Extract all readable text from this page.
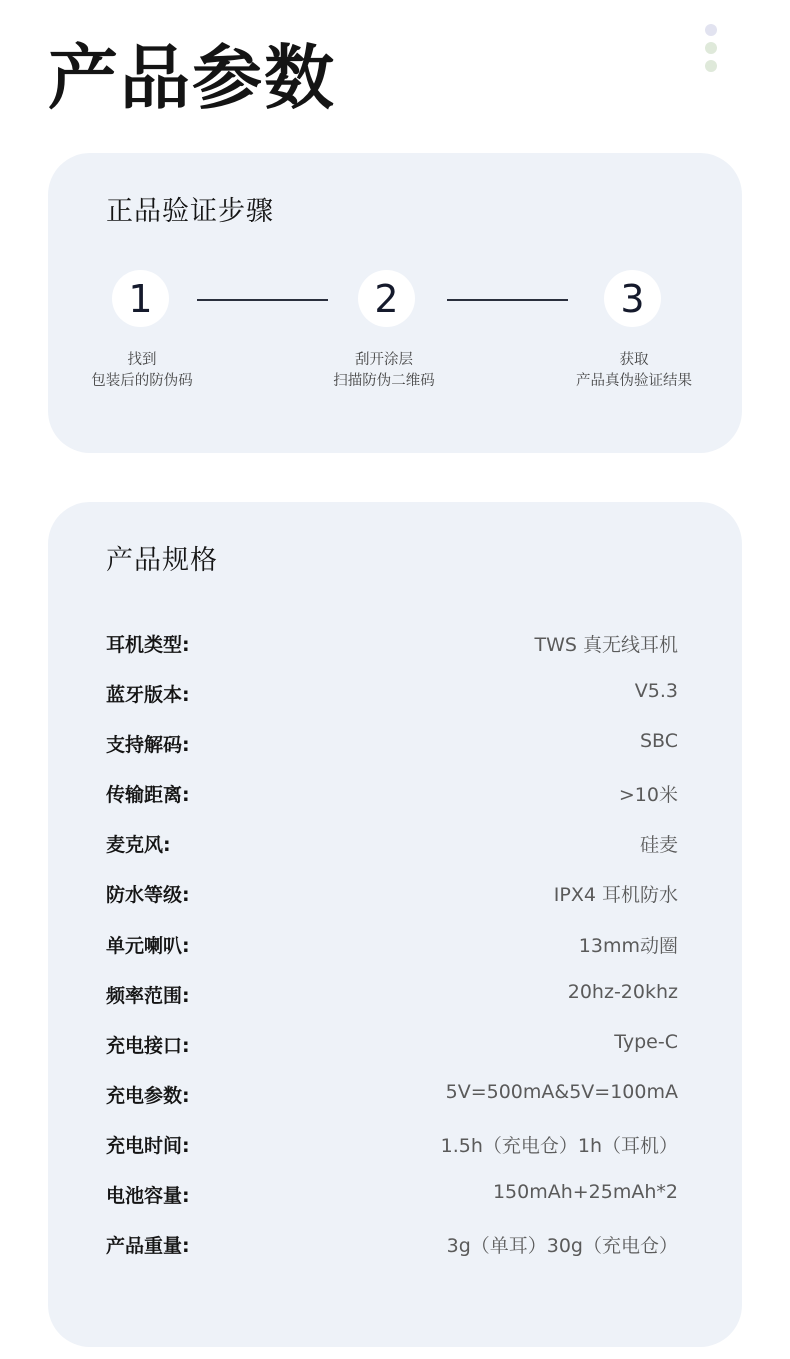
产品参数
正品验证步骤
1	2	3
找到
包装后的防伪码
刮开涂层
扫描防伪二维码
获取
产品真伪验证结果
产品规格
耳机类型:	TWS 真无线耳机
蓝牙版本:	V5.3
支持解码:	SBC
传输距离:	>10米
麦克风:	硅麦
防水等级:	IPX4 耳机防水
单元喇叭:	13mm动圈
频率范围:	20hz-20khz
充电接口:	Type-C
充电参数:	5V=500mA&5V=100mA
充电时间:	1.5h（充电仓）1h（耳机）
电池容量:	150mAh+25mAh*2
产品重量:	3g（单耳）30g（充电仓）
